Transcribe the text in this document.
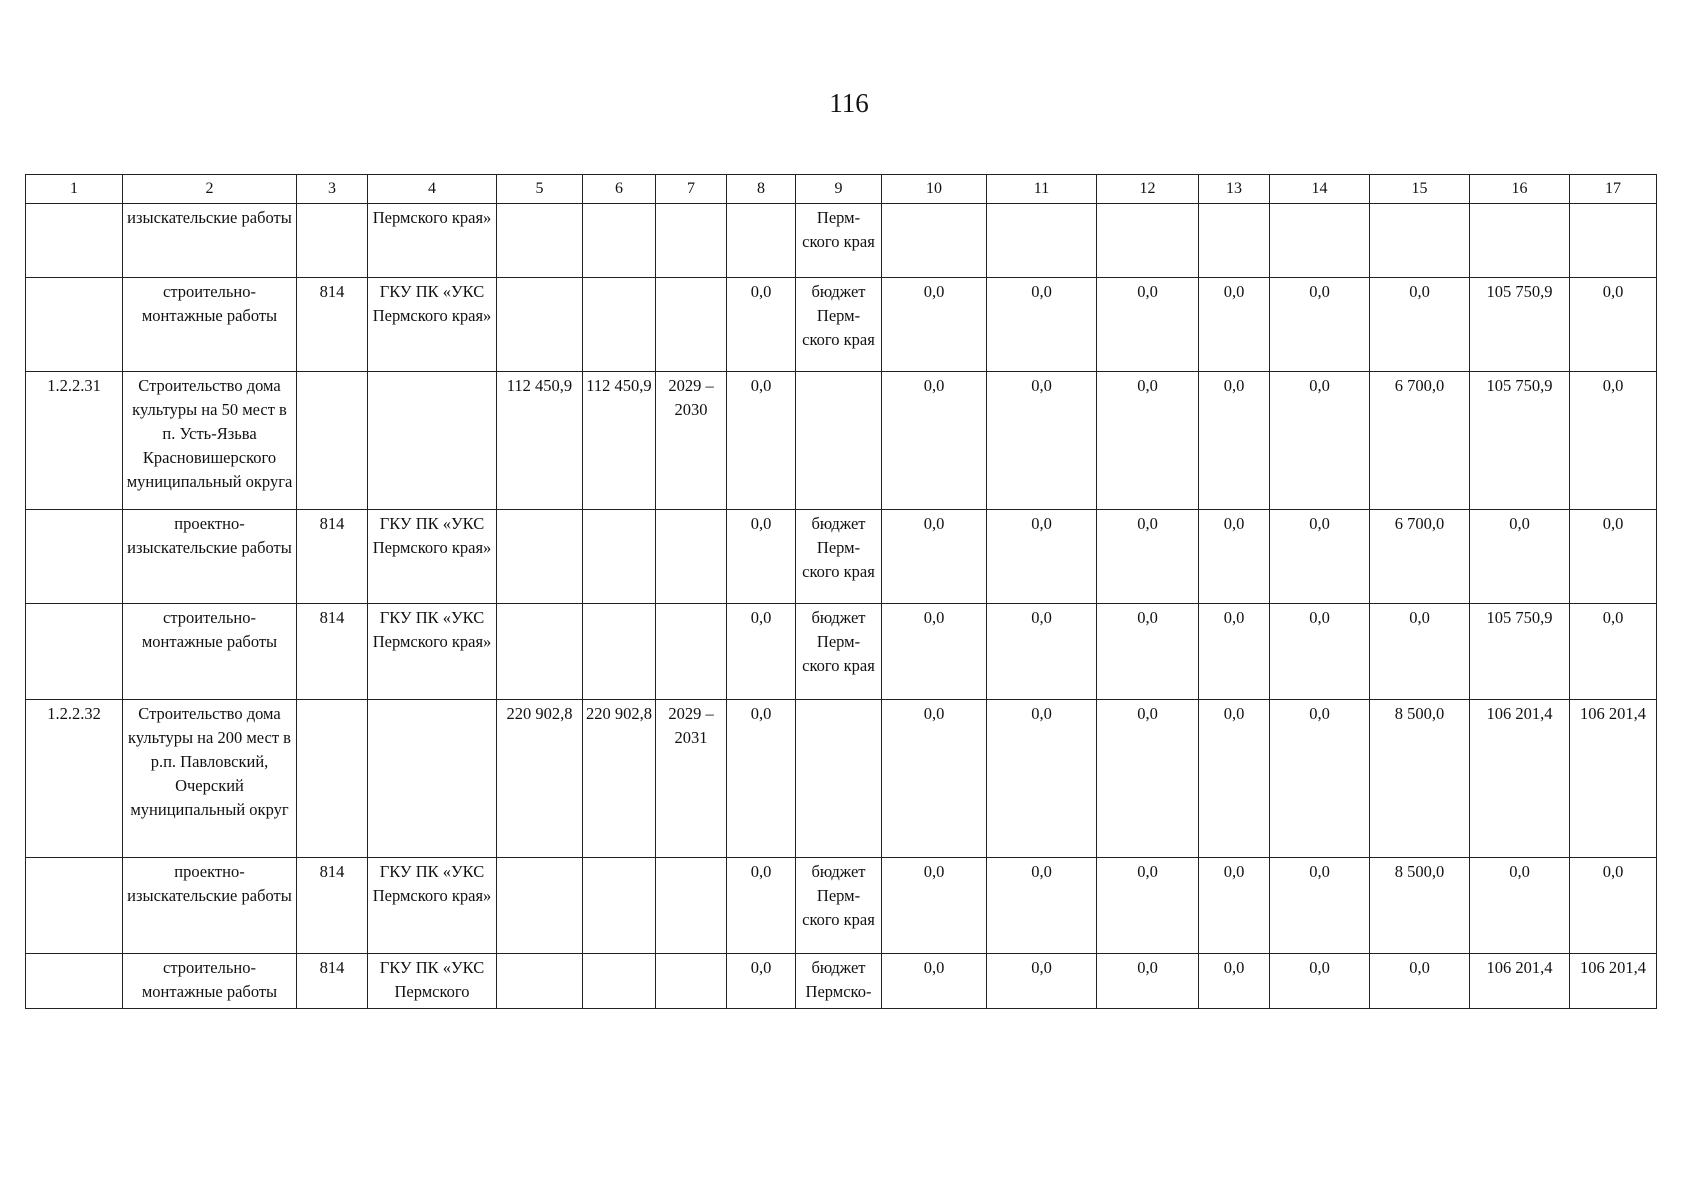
116
1	2	3	4	5	6	7	8	9	10	11	12	13	14	15	16	17
	изыскательские работы		Пермского края»					Перм-ского края								
	строительно-монтажные работы	814	ГКУ ПК «УКС Пермского края»				0,0	бюджет Перм-ского края	0,0	0,0	0,0	0,0	0,0	0,0	105 750,9	0,0
1.2.2.31	Строительство дома культуры на 50 мест в п. Усть-Язьва Красновишерского муниципальный округа			112 450,9	112 450,9	2029 – 2030	0,0		0,0	0,0	0,0	0,0	0,0	6 700,0	105 750,9	0,0
	проектно-изыскательские работы	814	ГКУ ПК «УКС Пермского края»				0,0	бюджет Перм-ского края	0,0	0,0	0,0	0,0	0,0	6 700,0	0,0	0,0
	строительно-монтажные работы	814	ГКУ ПК «УКС Пермского края»				0,0	бюджет Перм-ского края	0,0	0,0	0,0	0,0	0,0	0,0	105 750,9	0,0
1.2.2.32	Строительство дома культуры на 200 мест в р.п. Павловский, Очерский муниципальный округ			220 902,8	220 902,8	2029 – 2031	0,0		0,0	0,0	0,0	0,0	0,0	8 500,0	106 201,4	106 201,4
	проектно-изыскательские работы	814	ГКУ ПК «УКС Пермского края»				0,0	бюджет Перм-ского края	0,0	0,0	0,0	0,0	0,0	8 500,0	0,0	0,0
	строительно-монтажные работы	814	ГКУ ПК «УКС Пермского				0,0	бюджет Пермско-	0,0	0,0	0,0	0,0	0,0	0,0	106 201,4	106 201,4
